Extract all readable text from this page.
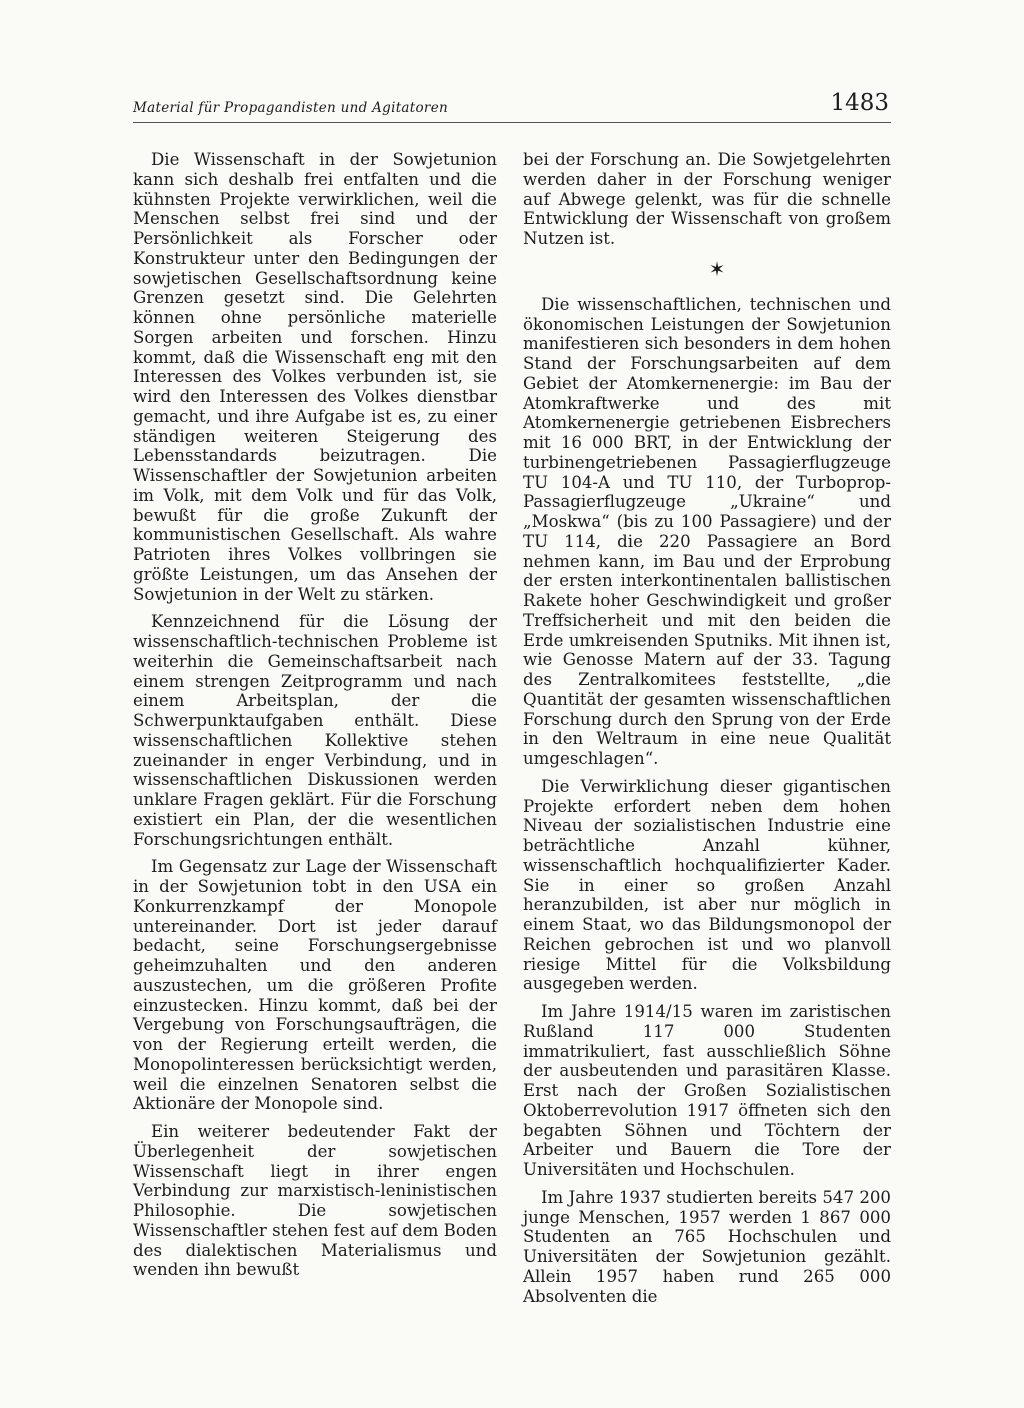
Material für Propagandisten und Agitatoren	1483

Die Wissenschaft in der Sowjetunion kann sich deshalb frei entfalten und die kühnsten Projekte verwirklichen, weil die Menschen selbst frei sind und der Persönlichkeit als Forscher oder Konstrukteur unter den Bedingungen der sowjetischen Gesellschaftsordnung keine Grenzen gesetzt sind. Die Gelehrten können ohne persönliche materielle Sorgen arbeiten und forschen. Hinzu kommt, daß die Wissenschaft eng mit den Interessen des Volkes verbunden ist, sie wird den Interessen des Volkes dienstbar gemacht, und ihre Aufgabe ist es, zu einer ständigen weiteren Steigerung des Lebensstandards beizutragen. Die Wissenschaftler der Sowjetunion arbeiten im Volk, mit dem Volk und für das Volk, bewußt für die große Zukunft der kommunistischen Gesellschaft. Als wahre Patrioten ihres Volkes vollbringen sie größte Leistungen, um das Ansehen der Sowjetunion in der Welt zu stärken.

Kennzeichnend für die Lösung der wissenschaftlich-technischen Probleme ist weiterhin die Gemeinschaftsarbeit nach einem strengen Zeitprogramm und nach einem Arbeitsplan, der die Schwerpunktaufgaben enthält. Diese wissenschaftlichen Kollektive stehen zueinander in enger Verbindung, und in wissenschaftlichen Diskussionen werden unklare Fragen geklärt. Für die Forschung existiert ein Plan, der die wesentlichen Forschungsrichtungen enthält.

Im Gegensatz zur Lage der Wissenschaft in der Sowjetunion tobt in den USA ein Konkurrenzkampf der Monopole untereinander. Dort ist jeder darauf bedacht, seine Forschungsergebnisse geheimzuhalten und den anderen auszustechen, um die größeren Profite einzustecken. Hinzu kommt, daß bei der Vergebung von Forschungsaufträgen, die von der Regierung erteilt werden, die Monopolinteressen berücksichtigt werden, weil die einzelnen Senatoren selbst die Aktionäre der Monopole sind.

Ein weiterer bedeutender Fakt der Überlegenheit der sowjetischen Wissenschaft liegt in ihrer engen Verbindung zur marxistisch-leninistischen Philosophie. Die sowjetischen Wissenschaftler stehen fest auf dem Boden des dialektischen Materialismus und wenden ihn bewußt

bei der Forschung an. Die Sowjetgelehrten werden daher in der Forschung weniger auf Abwege gelenkt, was für die schnelle Entwicklung der Wissenschaft von großem Nutzen ist.

✶

Die wissenschaftlichen, technischen und ökonomischen Leistungen der Sowjetunion manifestieren sich besonders in dem hohen Stand der Forschungsarbeiten auf dem Gebiet der Atomkernenergie: im Bau der Atomkraftwerke und des mit Atomkernenergie getriebenen Eisbrechers mit 16 000 BRT, in der Entwicklung der turbinengetriebenen Passagierflugzeuge TU 104-A und TU 110, der Turboprop-Passagierflugzeuge „Ukraine“ und „Moskwa“ (bis zu 100 Passagiere) und der TU 114, die 220 Passagiere an Bord nehmen kann, im Bau und der Erprobung der ersten interkontinentalen ballistischen Rakete hoher Geschwindigkeit und großer Treffsicherheit und mit den beiden die Erde umkreisenden Sputniks. Mit ihnen ist, wie Genosse Matern auf der 33. Tagung des Zentralkomitees feststellte, „die Quantität der gesamten wissenschaftlichen Forschung durch den Sprung von der Erde in den Weltraum in eine neue Qualität umgeschlagen“.

Die Verwirklichung dieser gigantischen Projekte erfordert neben dem hohen Niveau der sozialistischen Industrie eine beträchtliche Anzahl kühner, wissenschaftlich hochqualifizierter Kader. Sie in einer so großen Anzahl heranzubilden, ist aber nur möglich in einem Staat, wo das Bildungsmonopol der Reichen gebrochen ist und wo planvoll riesige Mittel für die Volksbildung ausgegeben werden.

Im Jahre 1914/15 waren im zaristischen Rußland 117 000 Studenten immatrikuliert, fast ausschließlich Söhne der ausbeutenden und parasitären Klasse. Erst nach der Großen Sozialistischen Oktoberrevolution 1917 öffneten sich den begabten Söhnen und Töchtern der Arbeiter und Bauern die Tore der Universitäten und Hochschulen.

Im Jahre 1937 studierten bereits 547 200 junge Menschen, 1957 werden 1 867 000 Studenten an 765 Hochschulen und Universitäten der Sowjetunion gezählt. Allein 1957 haben rund 265 000 Absolventen die
